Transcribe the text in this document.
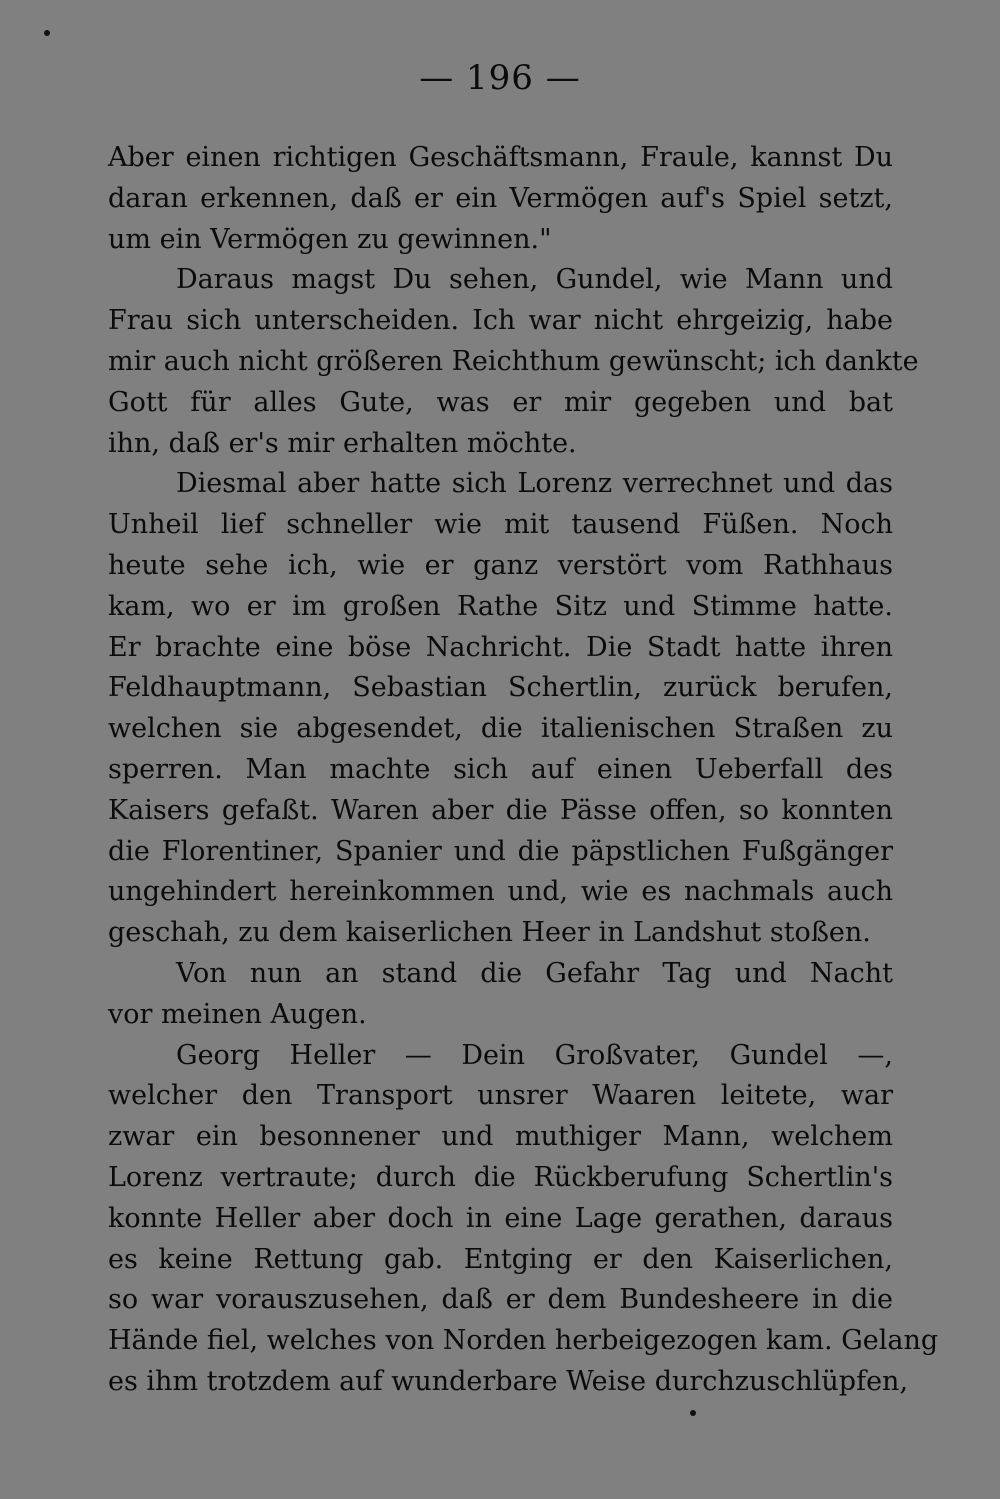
— 196 —
Aber einen richtigen Geschäftsmann, Fraule, kannst Du
daran erkennen, daß er ein Vermögen auf's Spiel setzt,
um ein Vermögen zu gewinnen."
Daraus magst Du sehen, Gundel, wie Mann und
Frau sich unterscheiden. Ich war nicht ehrgeizig, habe
mir auch nicht größeren Reichthum gewünscht; ich dankte
Gott für alles Gute, was er mir gegeben und bat
ihn, daß er's mir erhalten möchte.
Diesmal aber hatte sich Lorenz verrechnet und das
Unheil lief schneller wie mit tausend Füßen. Noch
heute sehe ich, wie er ganz verstört vom Rathhaus
kam, wo er im großen Rathe Sitz und Stimme hatte.
Er brachte eine böse Nachricht. Die Stadt hatte ihren
Feldhauptmann, Sebastian Schertlin, zurück berufen,
welchen sie abgesendet, die italienischen Straßen zu
sperren. Man machte sich auf einen Ueberfall des
Kaisers gefaßt. Waren aber die Pässe offen, so konnten
die Florentiner, Spanier und die päpstlichen Fußgänger
ungehindert hereinkommen und, wie es nachmals auch
geschah, zu dem kaiserlichen Heer in Landshut stoßen.
Von nun an stand die Gefahr Tag und Nacht
vor meinen Augen.
Georg Heller — Dein Großvater, Gundel —,
welcher den Transport unsrer Waaren leitete, war
zwar ein besonnener und muthiger Mann, welchem
Lorenz vertraute; durch die Rückberufung Schertlin's
konnte Heller aber doch in eine Lage gerathen, daraus
es keine Rettung gab. Entging er den Kaiserlichen,
so war vorauszusehen, daß er dem Bundesheere in die
Hände fiel, welches von Norden herbeigezogen kam. Gelang
es ihm trotzdem auf wunderbare Weise durchzuschlüpfen,
